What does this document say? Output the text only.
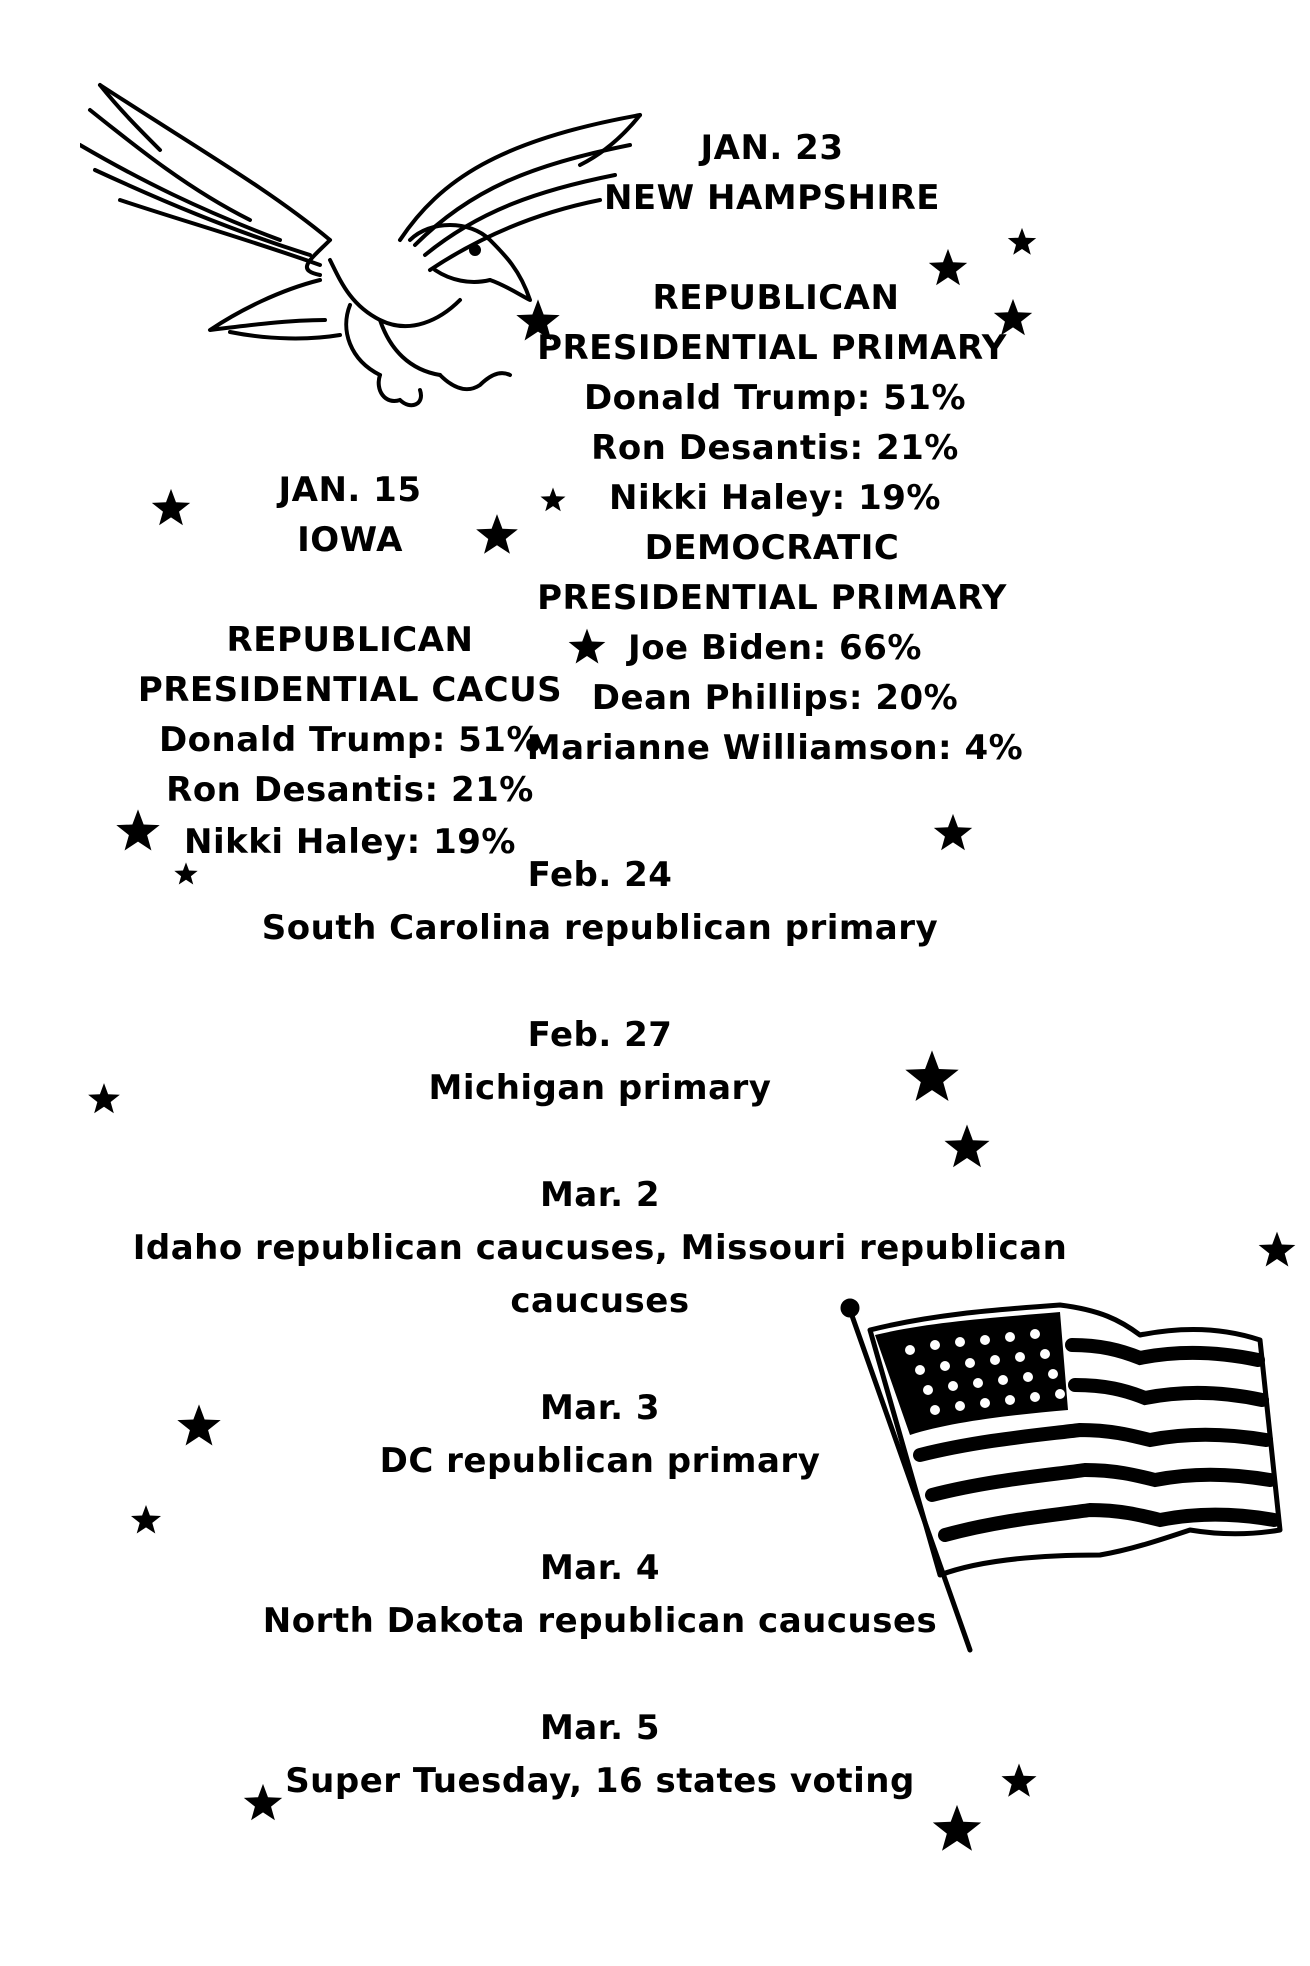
JAN. 23
NEW HAMPSHIRE
REPUBLICAN
PRESIDENTIAL PRIMARY
Donald Trump: 51%
Ron Desantis: 21%
Nikki Haley: 19%
DEMOCRATIC
PRESIDENTIAL PRIMARY
Joe Biden: 66%
Dean Phillips: 20%
Marianne Williamson: 4%
JAN. 15
IOWA
REPUBLICAN
PRESIDENTIAL CACUS
Donald Trump: 51%
Ron Desantis: 21%
Nikki Haley: 19%
Feb. 24
South Carolina republican primary
Feb. 27
Michigan primary
Mar. 2
Idaho republican caucuses, Missouri republican
caucuses
Mar. 3
DC republican primary
Mar. 4
North Dakota republican caucuses
Mar. 5
Super Tuesday, 16 states voting
